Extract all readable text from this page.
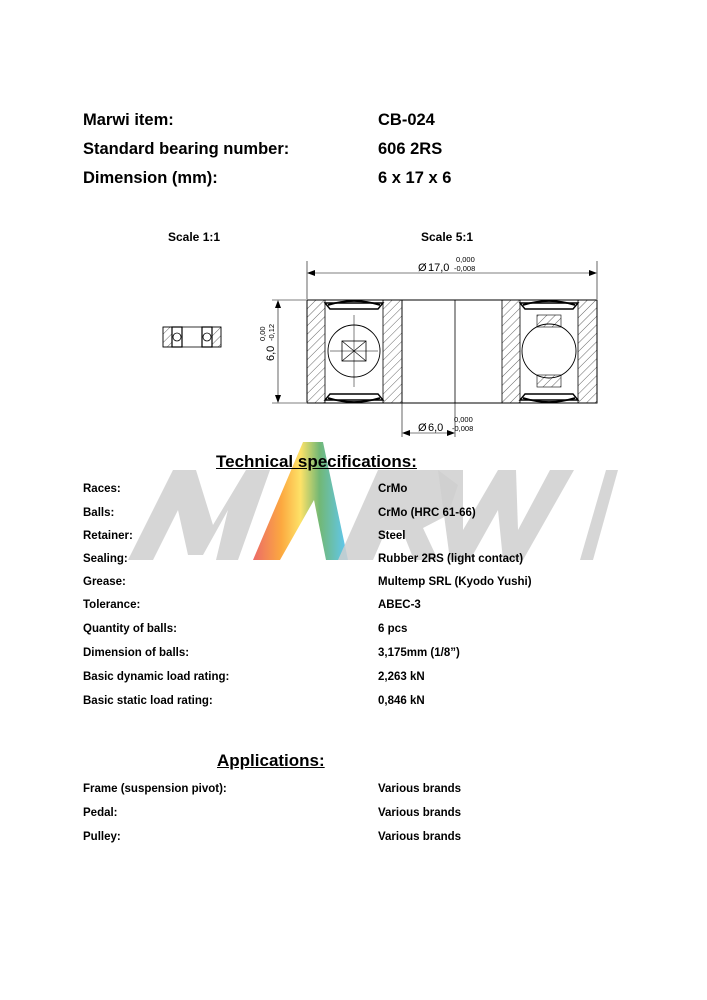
MARWI
Marwi item:	CB-024
Standard bearing number:	606 2RS
Dimension (mm):	6 x 17 x 6
Scale 1:1	Scale 5:1
Ø 17,0
0,000
-0,008
Ø 6,0
0,000
-0,008
6,0
0,00 -0,12
Technical specifications:
Races:	CrMo
Balls:	CrMo (HRC 61-66)
Retainer:	Steel
Sealing:	Rubber 2RS (light contact)
Grease:	Multemp SRL (Kyodo Yushi)
Tolerance:	ABEC-3
Quantity of balls:	6 pcs
Dimension of balls:	3,175mm (1/8”)
Basic dynamic load rating:	2,263 kN
Basic static load rating:	0,846 kN
Applications:
Frame (suspension pivot):	Various brands
Pedal:	Various brands
Pulley:	Various brands
